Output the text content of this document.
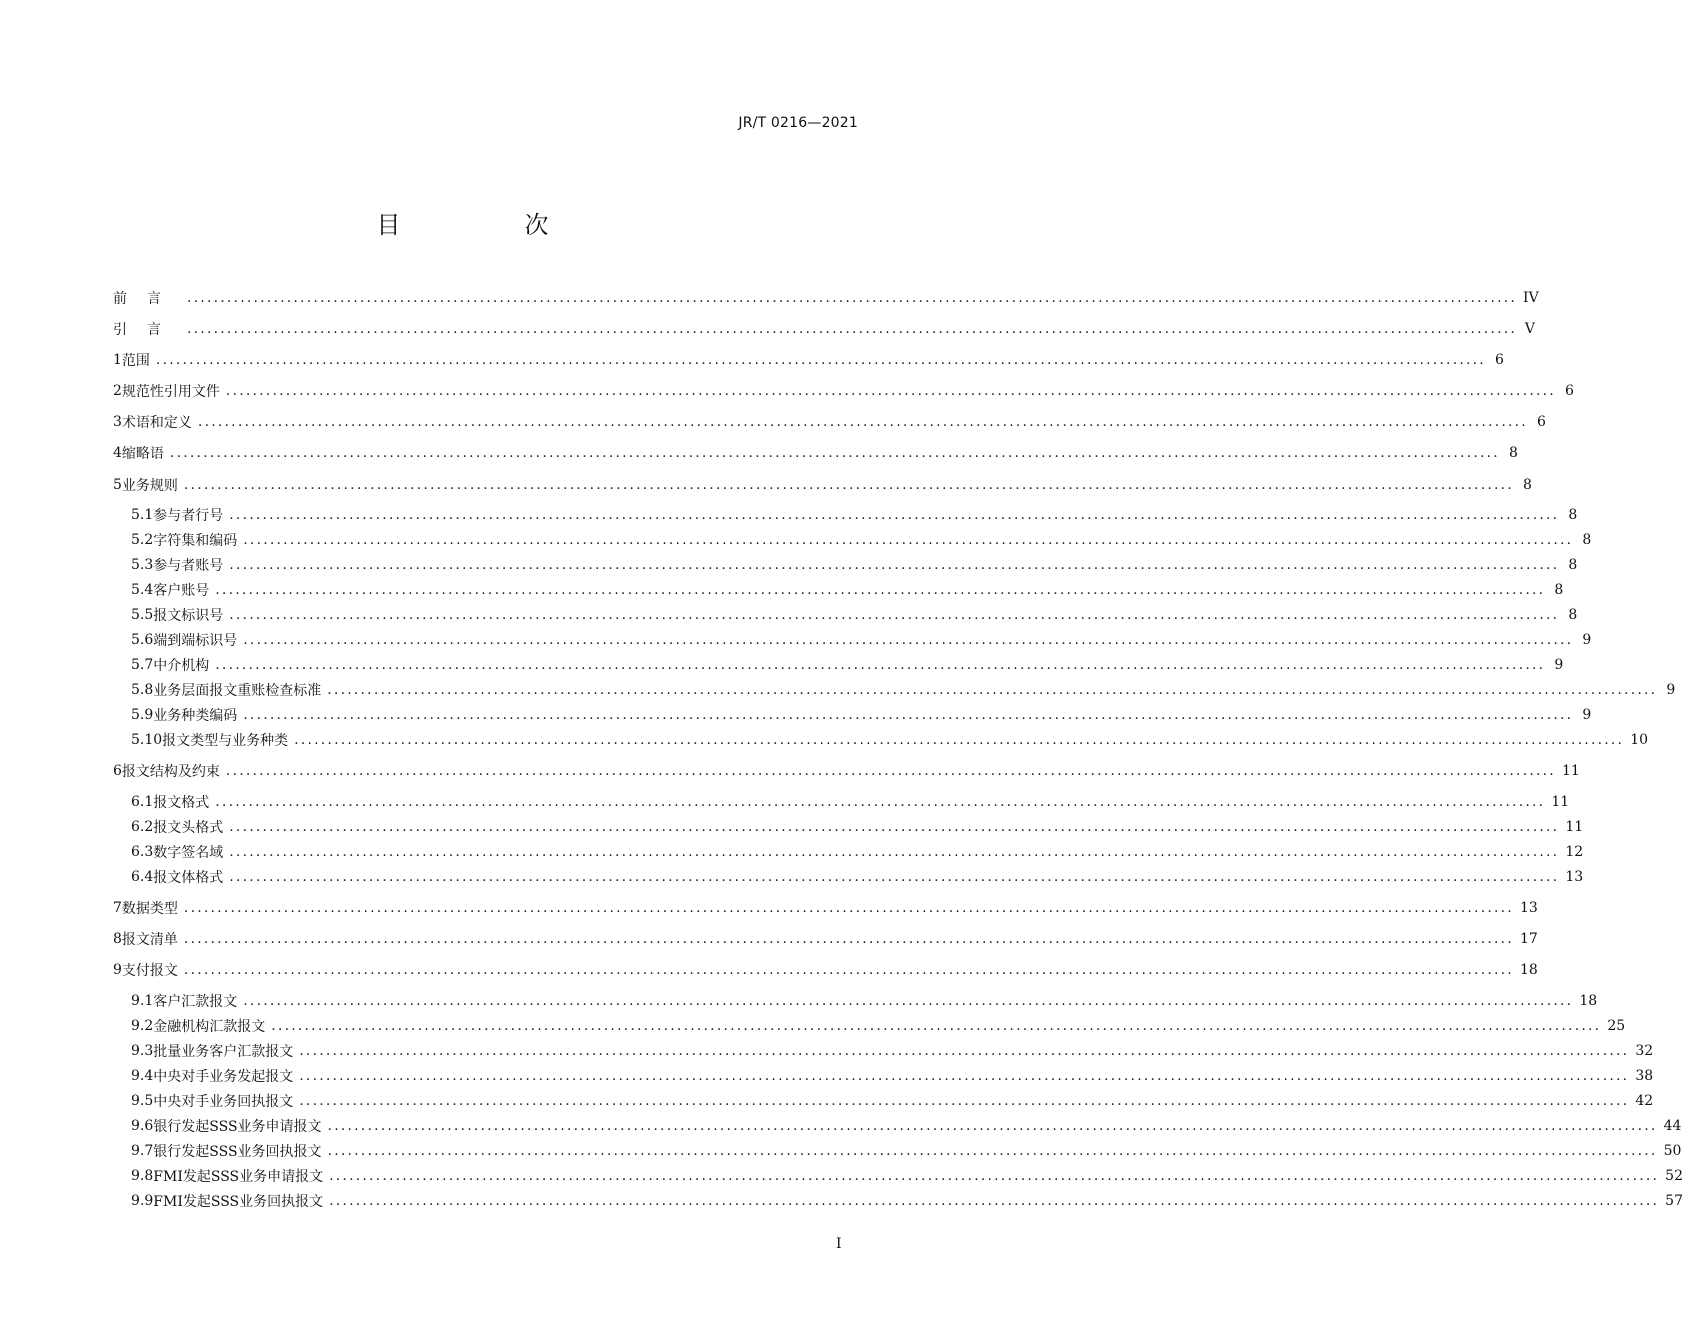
JR/T 0216—2021
目　次
前言 ........................................................................................................................................................................................................ IV
引言 ........................................................................................................................................................................................................ V
1 范围 ........................................................................................................................................................................................................ 6
2 规范性引用文件 ........................................................................................................................................................................................................ 6
3 术语和定义 ........................................................................................................................................................................................................ 6
4 缩略语 ........................................................................................................................................................................................................ 8
5 业务规则 ........................................................................................................................................................................................................ 8
5.1 参与者行号 ........................................................................................................................................................................................................ 8
5.2 字符集和编码 ........................................................................................................................................................................................................ 8
5.3 参与者账号 ........................................................................................................................................................................................................ 8
5.4 客户账号 ........................................................................................................................................................................................................ 8
5.5 报文标识号 ........................................................................................................................................................................................................ 8
5.6 端到端标识号 ........................................................................................................................................................................................................ 9
5.7 中介机构 ........................................................................................................................................................................................................ 9
5.8 业务层面报文重账检查标准 ........................................................................................................................................................................................................ 9
5.9 业务种类编码 ........................................................................................................................................................................................................ 9
5.10 报文类型与业务种类 ........................................................................................................................................................................................................ 10
6 报文结构及约束 ........................................................................................................................................................................................................ 11
6.1 报文格式 ........................................................................................................................................................................................................ 11
6.2 报文头格式 ........................................................................................................................................................................................................ 11
6.3 数字签名域 ........................................................................................................................................................................................................ 12
6.4 报文体格式 ........................................................................................................................................................................................................ 13
7 数据类型 ........................................................................................................................................................................................................ 13
8 报文清单 ........................................................................................................................................................................................................ 17
9 支付报文 ........................................................................................................................................................................................................ 18
9.1 客户汇款报文 ........................................................................................................................................................................................................ 18
9.2 金融机构汇款报文 ........................................................................................................................................................................................................ 25
9.3 批量业务客户汇款报文 ........................................................................................................................................................................................................ 32
9.4 中央对手业务发起报文 ........................................................................................................................................................................................................ 38
9.5 中央对手业务回执报文 ........................................................................................................................................................................................................ 42
9.6 银行发起SSS业务申请报文 ........................................................................................................................................................................................................ 44
9.7 银行发起SSS业务回执报文 ........................................................................................................................................................................................................ 50
9.8 FMI发起SSS业务申请报文 ........................................................................................................................................................................................................ 52
9.9 FMI发起SSS业务回执报文 ........................................................................................................................................................................................................ 57
I
